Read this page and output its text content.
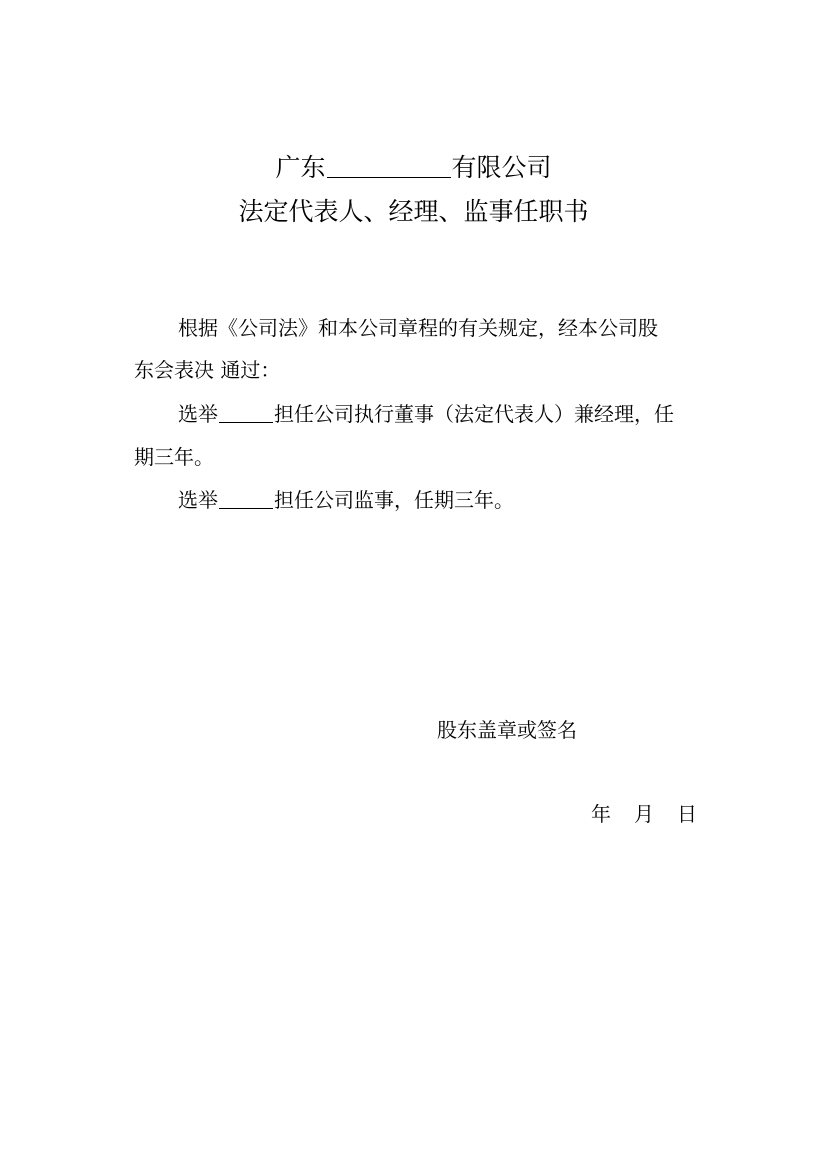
广东	有限公司
法定代表人、经理、监事任职书
根据《公司法》和本公司章程的有关规定，经本公司股
东会表决 通过：
选举	担任公司执行董事（法定代表人）兼经理，任
期三年。
选举	担任公司监事，任期三年。
股东盖章或签名
年 月 日
